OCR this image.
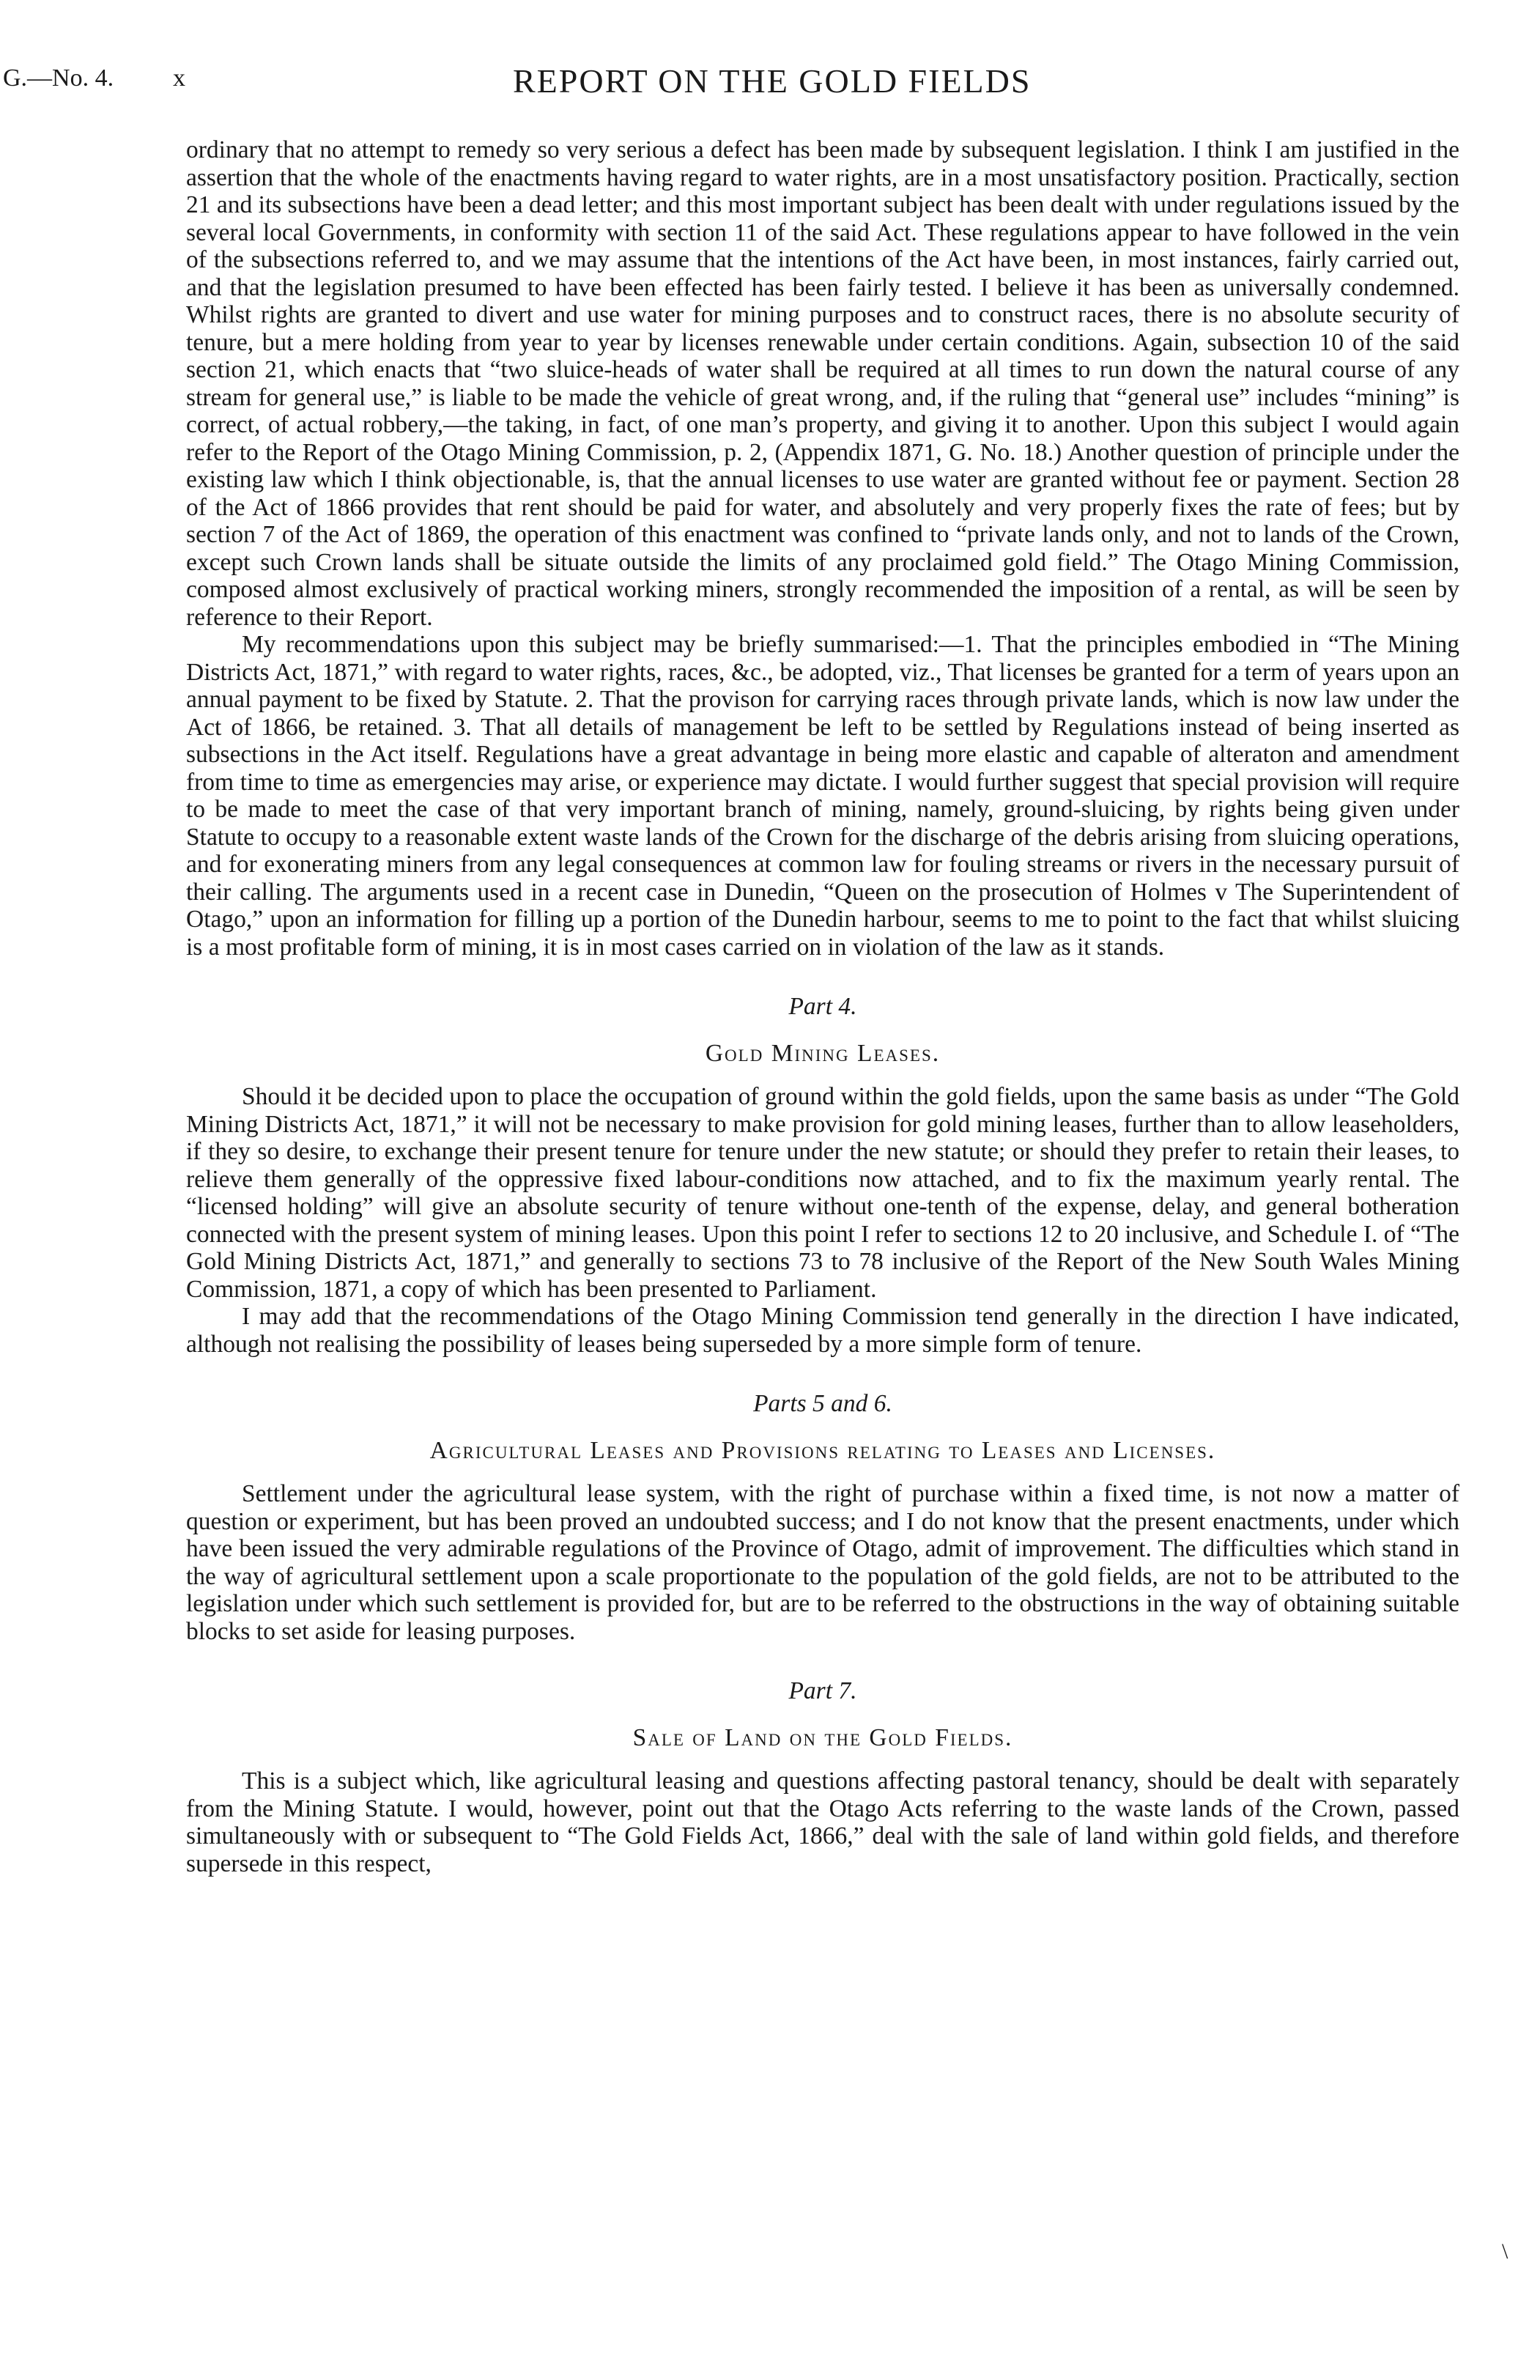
G.—No. 4. x	REPORT ON THE GOLD FIELDS

ordinary that no attempt to remedy so very serious a defect has been made by subsequent legislation. I think I am justified in the assertion that the whole of the enactments having regard to water rights, are in a most unsatisfactory position. Practically, section 21 and its subsections have been a dead letter; and this most important subject has been dealt with under regulations issued by the several local Governments, in conformity with section 11 of the said Act. These regulations appear to have followed in the vein of the subsections referred to, and we may assume that the intentions of the Act have been, in most instances, fairly carried out, and that the legislation presumed to have been effected has been fairly tested. I believe it has been as universally condemned. Whilst rights are granted to divert and use water for mining purposes and to construct races, there is no absolute security of tenure, but a mere holding from year to year by licenses renewable under certain conditions. Again, subsection 10 of the said section 21, which enacts that “two sluice-heads of water shall be required at all times to run down the natural course of any stream for general use,” is liable to be made the vehicle of great wrong, and, if the ruling that “general use” includes “mining” is correct, of actual robbery,—the taking, in fact, of one man’s property, and giving it to another. Upon this subject I would again refer to the Report of the Otago Mining Commission, p. 2, (Appendix 1871, G. No. 18.) Another question of principle under the existing law which I think objectionable, is, that the annual licenses to use water are granted without fee or payment. Section 28 of the Act of 1866 provides that rent should be paid for water, and absolutely and very properly fixes the rate of fees; but by section 7 of the Act of 1869, the operation of this enactment was confined to “private lands only, and not to lands of the Crown, except such Crown lands shall be situate outside the limits of any proclaimed gold field.” The Otago Mining Commission, composed almost exclusively of practical working miners, strongly recommended the imposition of a rental, as will be seen by reference to their Report.

My recommendations upon this subject may be briefly summarised:—1. That the principles embodied in “The Mining Districts Act, 1871,” with regard to water rights, races, &c., be adopted, viz., That licenses be granted for a term of years upon an annual payment to be fixed by Statute. 2. That the provison for carrying races through private lands, which is now law under the Act of 1866, be retained. 3. That all details of management be left to be settled by Regulations instead of being inserted as subsections in the Act itself. Regulations have a great advantage in being more elastic and capable of alteraton and amendment from time to time as emergencies may arise, or experience may dictate. I would further suggest that special provision will require to be made to meet the case of that very important branch of mining, namely, ground-sluicing, by rights being given under Statute to occupy to a reasonable extent waste lands of the Crown for the discharge of the debris arising from sluicing operations, and for exonerating miners from any legal consequences at common law for fouling streams or rivers in the necessary pursuit of their calling. The arguments used in a recent case in Dunedin, “Queen on the prosecution of Holmes v The Superintendent of Otago,” upon an information for filling up a portion of the Dunedin harbour, seems to me to point to the fact that whilst sluicing is a most profitable form of mining, it is in most cases carried on in violation of the law as it stands.

Part 4.

Gold Mining Leases.

Should it be decided upon to place the occupation of ground within the gold fields, upon the same basis as under “The Gold Mining Districts Act, 1871,” it will not be necessary to make provision for gold mining leases, further than to allow leaseholders, if they so desire, to exchange their present tenure for tenure under the new statute; or should they prefer to retain their leases, to relieve them generally of the oppressive fixed labour-conditions now attached, and to fix the maximum yearly rental. The “licensed holding” will give an absolute security of tenure without one-tenth of the expense, delay, and general botheration connected with the present system of mining leases. Upon this point I refer to sections 12 to 20 inclusive, and Schedule I. of “The Gold Mining Districts Act, 1871,” and generally to sections 73 to 78 inclusive of the Report of the New South Wales Mining Commission, 1871, a copy of which has been presented to Parliament.

I may add that the recommendations of the Otago Mining Commission tend generally in the direction I have indicated, although not realising the possibility of leases being superseded by a more simple form of tenure.

Parts 5 and 6.

Agricultural Leases and Provisions relating to Leases and Licenses.

Settlement under the agricultural lease system, with the right of purchase within a fixed time, is not now a matter of question or experiment, but has been proved an undoubted success; and I do not know that the present enactments, under which have been issued the very admirable regulations of the Province of Otago, admit of improvement. The difficulties which stand in the way of agricultural settlement upon a scale proportionate to the population of the gold fields, are not to be attributed to the legislation under which such settlement is provided for, but are to be referred to the obstructions in the way of obtaining suitable blocks to set aside for leasing purposes.

Part 7.

Sale of Land on the Gold Fields.

This is a subject which, like agricultural leasing and questions affecting pastoral tenancy, should be dealt with separately from the Mining Statute. I would, however, point out that the Otago Acts referring to the waste lands of the Crown, passed simultaneously with or subsequent to “The Gold Fields Act, 1866,” deal with the sale of land within gold fields, and therefore supersede in this respect,

\
